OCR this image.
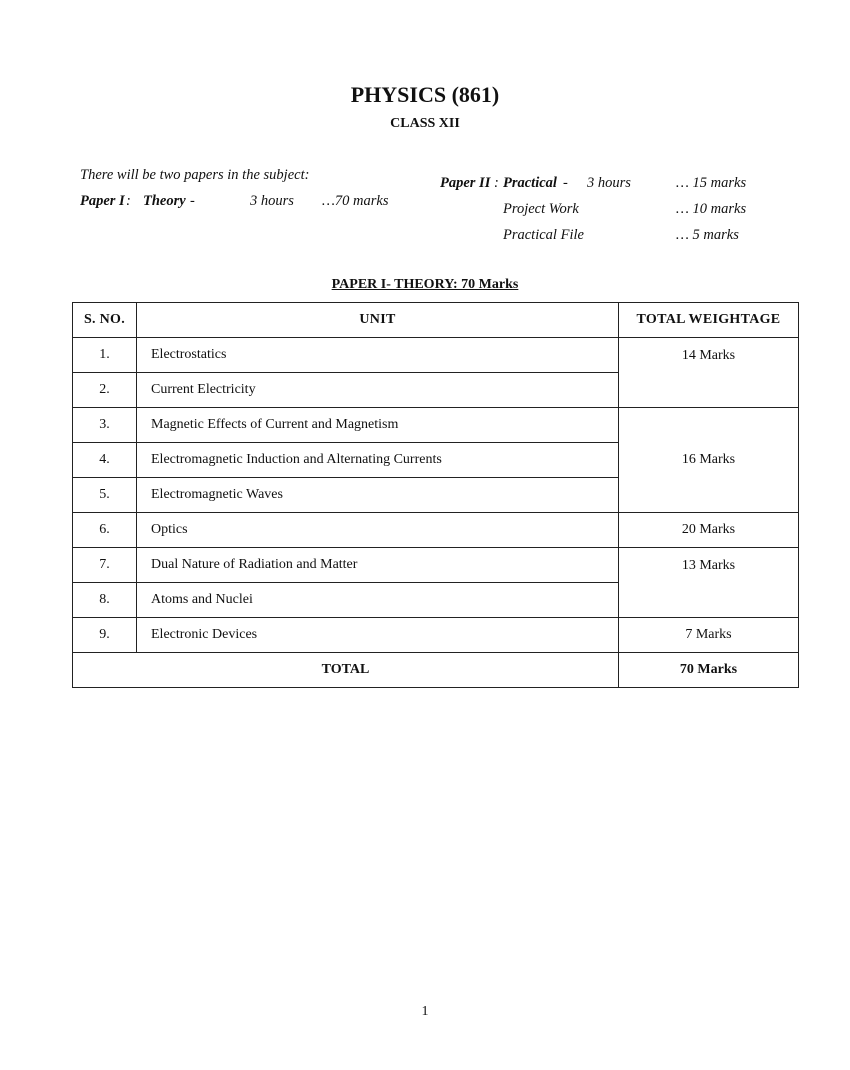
PHYSICS (861)
CLASS XII
There will be two papers in the subject:
Paper I : Theory -	3 hours …70 marks
Paper II : Practical - 3 hours	… 15 marks
Project Work	… 10 marks
Practical File	… 5 marks
PAPER I- THEORY: 70 Marks
S. NO.	UNIT	TOTAL WEIGHTAGE
1.	Electrostatics	14 Marks
2.	Current Electricity	
3.	Magnetic Effects of Current and Magnetism	16 Marks
4.	Electromagnetic Induction and Alternating Currents	
5.	Electromagnetic Waves	
6.	Optics	20 Marks
7.	Dual Nature of Radiation and Matter	13 Marks
8.	Atoms and Nuclei	
9.	Electronic Devices	7 Marks
TOTAL		70 Marks
1
